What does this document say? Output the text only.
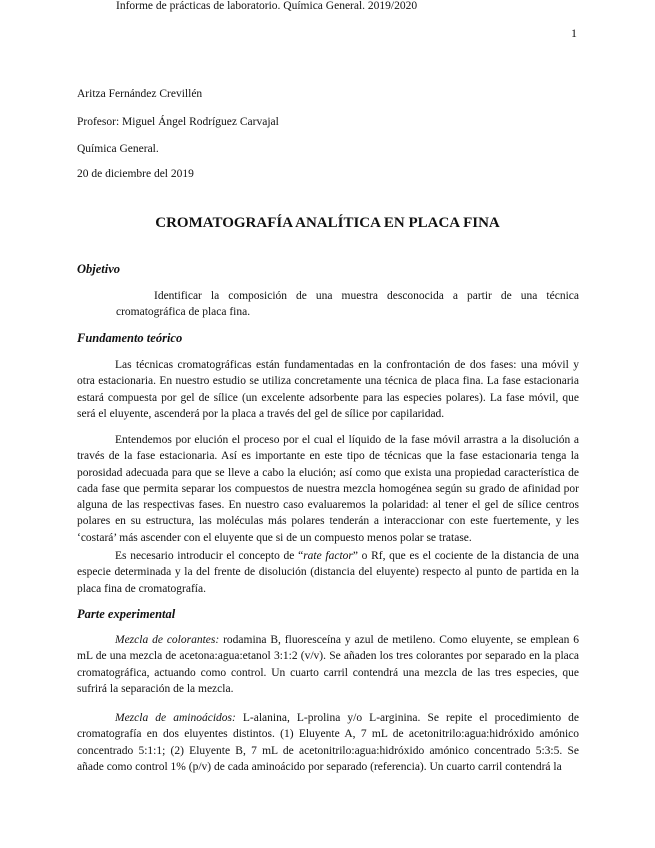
Informe de prácticas de laboratorio. Química General. 2019/2020
1
Aritza Fernández Crevillén
Profesor: Miguel Ángel Rodríguez Carvajal
Química General.
20 de diciembre del 2019
CROMATOGRAFÍA ANALÍTICA EN PLACA FINA
Objetivo

Identificar la composición de una muestra desconocida a partir de una técnica cromatográfica de placa fina.

Fundamento teórico

Las técnicas cromatográficas están fundamentadas en la confrontación de dos fases: una móvil y otra estacionaria. En nuestro estudio se utiliza concretamente una técnica de placa fina. La fase estacionaria estará compuesta por gel de sílice (un excelente adsorbente para las especies polares). La fase móvil, que será el eluyente, ascenderá por la placa a través del gel de sílice por capilaridad.

Entendemos por elución el proceso por el cual el líquido de la fase móvil arrastra a la disolución a través de la fase estacionaria. Así es importante en este tipo de técnicas que la fase estacionaria tenga la porosidad adecuada para que se lleve a cabo la elución; así como que exista una propiedad característica de cada fase que permita separar los compuestos de nuestra mezcla homogénea según su grado de afinidad por alguna de las respectivas fases. En nuestro caso evaluaremos la polaridad: al tener el gel de sílice centros polares en su estructura, las moléculas más polares tenderán a interaccionar con este fuertemente, y les ‘costará’ más ascender con el eluyente que si de un compuesto menos polar se tratase.

Es necesario introducir el concepto de “rate factor” o Rf, que es el cociente de la distancia de una especie determinada y la del frente de disolución (distancia del eluyente) respecto al punto de partida en la placa fina de cromatografía.

Parte experimental

Mezcla de colorantes: rodamina B, fluoresceína y azul de metileno. Como eluyente, se emplean 6 mL de una mezcla de acetona:agua:etanol 3:1:2 (v/v). Se añaden los tres colorantes por separado en la placa cromatográfica, actuando como control. Un cuarto carril contendrá una mezcla de las tres especies, que sufrirá la separación de la mezcla.

Mezcla de aminoácidos: L-alanina, L-prolina y/o L-arginina. Se repite el procedimiento de cromatografía en dos eluyentes distintos. (1) Eluyente A, 7 mL de acetonitrilo:agua:hidróxido amónico concentrado 5:1:1; (2) Eluyente B, 7 mL de acetonitrilo:agua:hidróxido amónico concentrado 5:3:5. Se añade como control 1% (p/v) de cada aminoácido por separado (referencia). Un cuarto carril contendrá la
